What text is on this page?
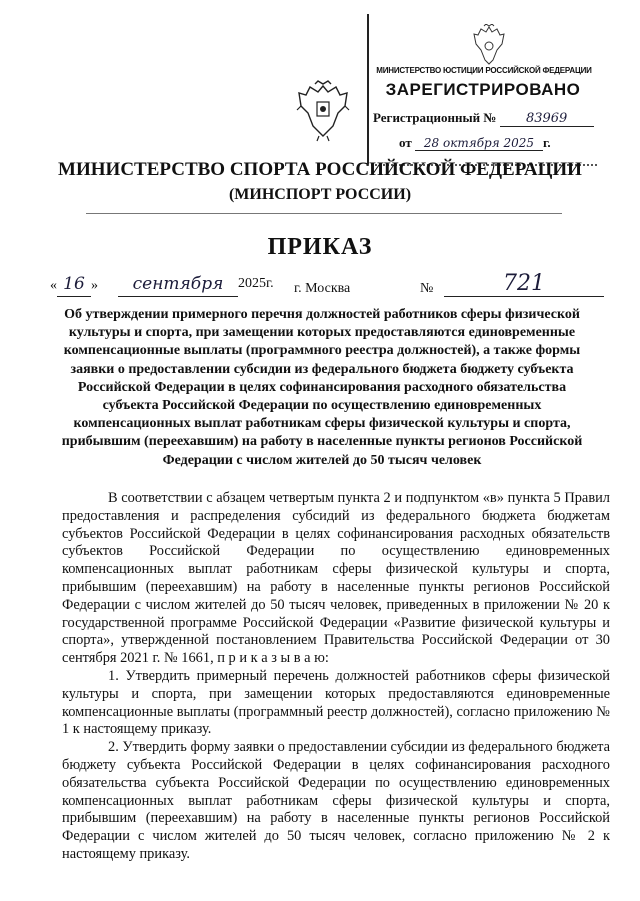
МИНИСТЕРСТВО ЮСТИЦИИ РОССИЙСКОЙ ФЕДЕРАЦИИ
ЗАРЕГИСТРИРОВАНО
Регистрационный № 83969
от 28 октября 2025 г.
МИНИСТЕРСТВО СПОРТА РОССИЙСКОЙ ФЕДЕРАЦИИ
(МИНСПОРТ РОССИИ)
ПРИКАЗ
« 16 »	сентября	2025г. г. Москва	№	721
Об утверждении примерного перечня должностей работников сферы физической культуры и спорта, при замещении которых предоставляются единовременные компенсационные выплаты (программного реестра должностей), а также формы заявки о предоставлении субсидии из федерального бюджета бюджету субъекта Российской Федерации в целях софинансирования расходного обязательства субъекта Российской Федерации по осуществлению единовременных компенсационных выплат работникам сферы физической культуры и спорта, прибывшим (переехавшим) на работу в населенные пункты регионов Российской Федерации с числом жителей до 50 тысяч человек

В соответствии с абзацем четвертым пункта 2 и подпунктом «в» пункта 5 Правил предоставления и распределения субсидий из федерального бюджета бюджетам субъектов Российской Федерации в целях софинансирования расходных обязательств субъектов Российской Федерации по осуществлению единовременных компенсационных выплат работникам сферы физической культуры и спорта, прибывшим (переехавшим) на работу в населенные пункты регионов Российской Федерации с числом жителей до 50 тысяч человек, приведенных в приложении № 20 к государственной программе Российской Федерации «Развитие физической культуры и спорта», утвержденной постановлением Правительства Российской Федерации от 30 сентября 2021 г. № 1661, п р и к а з ы в а ю:

1. Утвердить примерный перечень должностей работников сферы физической культуры и спорта, при замещении которых предоставляются единовременные компенсационные выплаты (программный реестр должностей), согласно приложению № 1 к настоящему приказу.

2. Утвердить форму заявки о предоставлении субсидии из федерального бюджета бюджету субъекта Российской Федерации в целях софинансирования расходного обязательства субъекта Российской Федерации по осуществлению единовременных компенсационных выплат работникам сферы физической культуры и спорта, прибывшим (переехавшим) на работу в населенные пункты регионов Российской Федерации с числом жителей до 50 тысяч человек, согласно приложению № 2 к настоящему приказу.
